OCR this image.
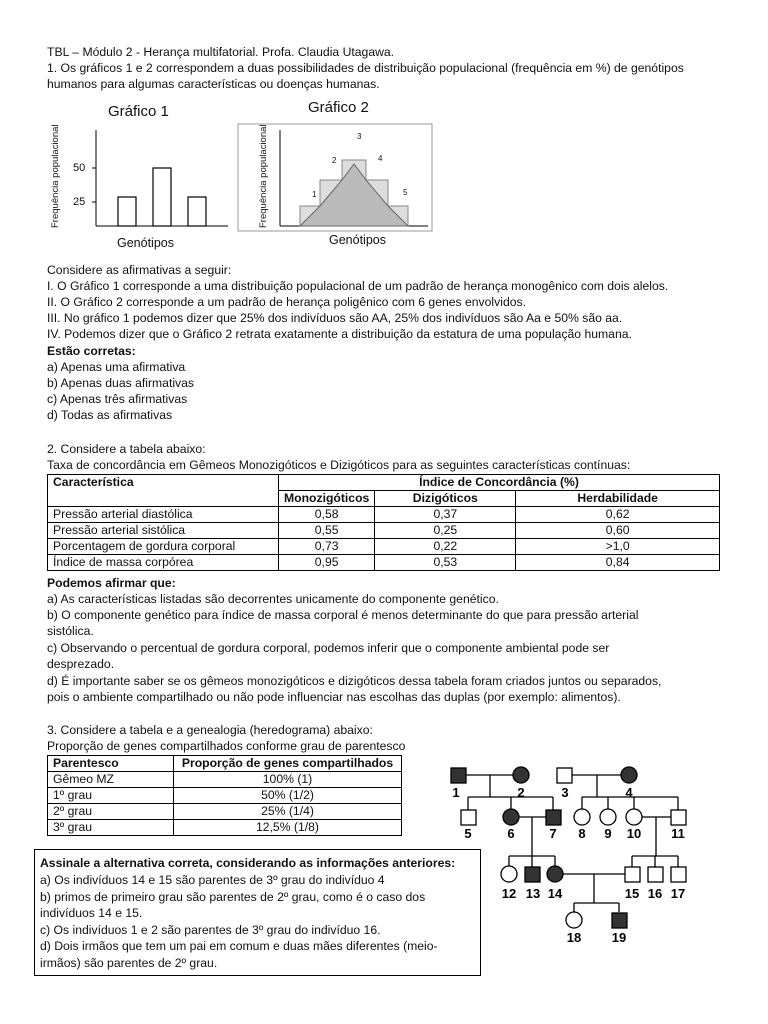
TBL – Módulo 2 - Herança multifatorial. Profa. Claudia Utagawa.
1. Os gráficos 1 e 2 correspondem a duas possibilidades de distribuição populacional (frequência em %) de genótipos
humanos para algumas características ou doenças humanas.
Gráfico 1
Frequência populacional
Genótipos
50
25
Gráfico 2
Frequência populacional
Genótipos
1
2
3
4
5
Considere as afirmativas a seguir:
I. O Gráfico 1 corresponde a uma distribuição populacional de um padrão de herança monogênico com dois alelos.
II. O Gráfico 2 corresponde a um padrão de herança poligênico com 6 genes envolvidos.
III. No gráfico 1 podemos dizer que 25% dos indivíduos são AA, 25% dos indivíduos são Aa e 50% são aa.
IV. Podemos dizer que o Gráfico 2 retrata exatamente a distribuição da estatura de uma população humana.
Estão corretas:
a) Apenas uma afirmativa
b) Apenas duas afirmativas
c) Apenas três afirmativas
d) Todas as afirmativas
2. Considere a tabela abaixo:
Taxa de concordância em Gêmeos Monozigóticos e Dizigóticos para as seguintes características contínuas:
Característica	Índice de Concordância (%)		
	Monozigóticos	Dizigóticos	Herdabilidade
Pressão arterial diastólica	0,58	0,37	0,62
Pressão arterial sistólica	0,55	0,25	0,60
Porcentagem de gordura corporal	0,73	0,22	>1,0
Índice de massa corpórea	0,95	0,53	0,84
Podemos afirmar que:
a) As características listadas são decorrentes unicamente do componente genético.
b) O componente genético para índice de massa corporal é menos determinante do que para pressão arterial
sistólica.
c) Observando o percentual de gordura corporal, podemos inferir que o componente ambiental pode ser
desprezado.
d) É importante saber se os gêmeos monozigóticos e dizigóticos dessa tabela foram criados juntos ou separados,
pois o ambiente compartilhado ou não pode influenciar nas escolhas das duplas (por exemplo: alimentos).
3. Considere a tabela e a genealogia (heredograma) abaixo:
Proporção de genes compartilhados conforme grau de parentesco
Parentesco	Proporção de genes compartilhados
Gêmeo MZ	100% (1)
1º grau	50% (1/2)
2º grau	25% (1/4)
3º grau	12,5% (1/8)
Assinale a alternativa correta, considerando as informações anteriores:
a) Os indivíduos 14 e 15 são parentes de 3º grau do indivíduo 4
b) primos de primeiro grau são parentes de 2º grau, como é o caso dos
indivíduos 14 e 15.
c) Os indivíduos 1 e 2 são parentes de 3º grau do indivíduo 16.
d) Dois irmãos que tem um pai em comum e duas mães diferentes (meio-
irmãos) são parentes de 2º grau.
1	2	3	4
5	6	7 8 9 10 11
12 13 14	15 16 17
18 19
